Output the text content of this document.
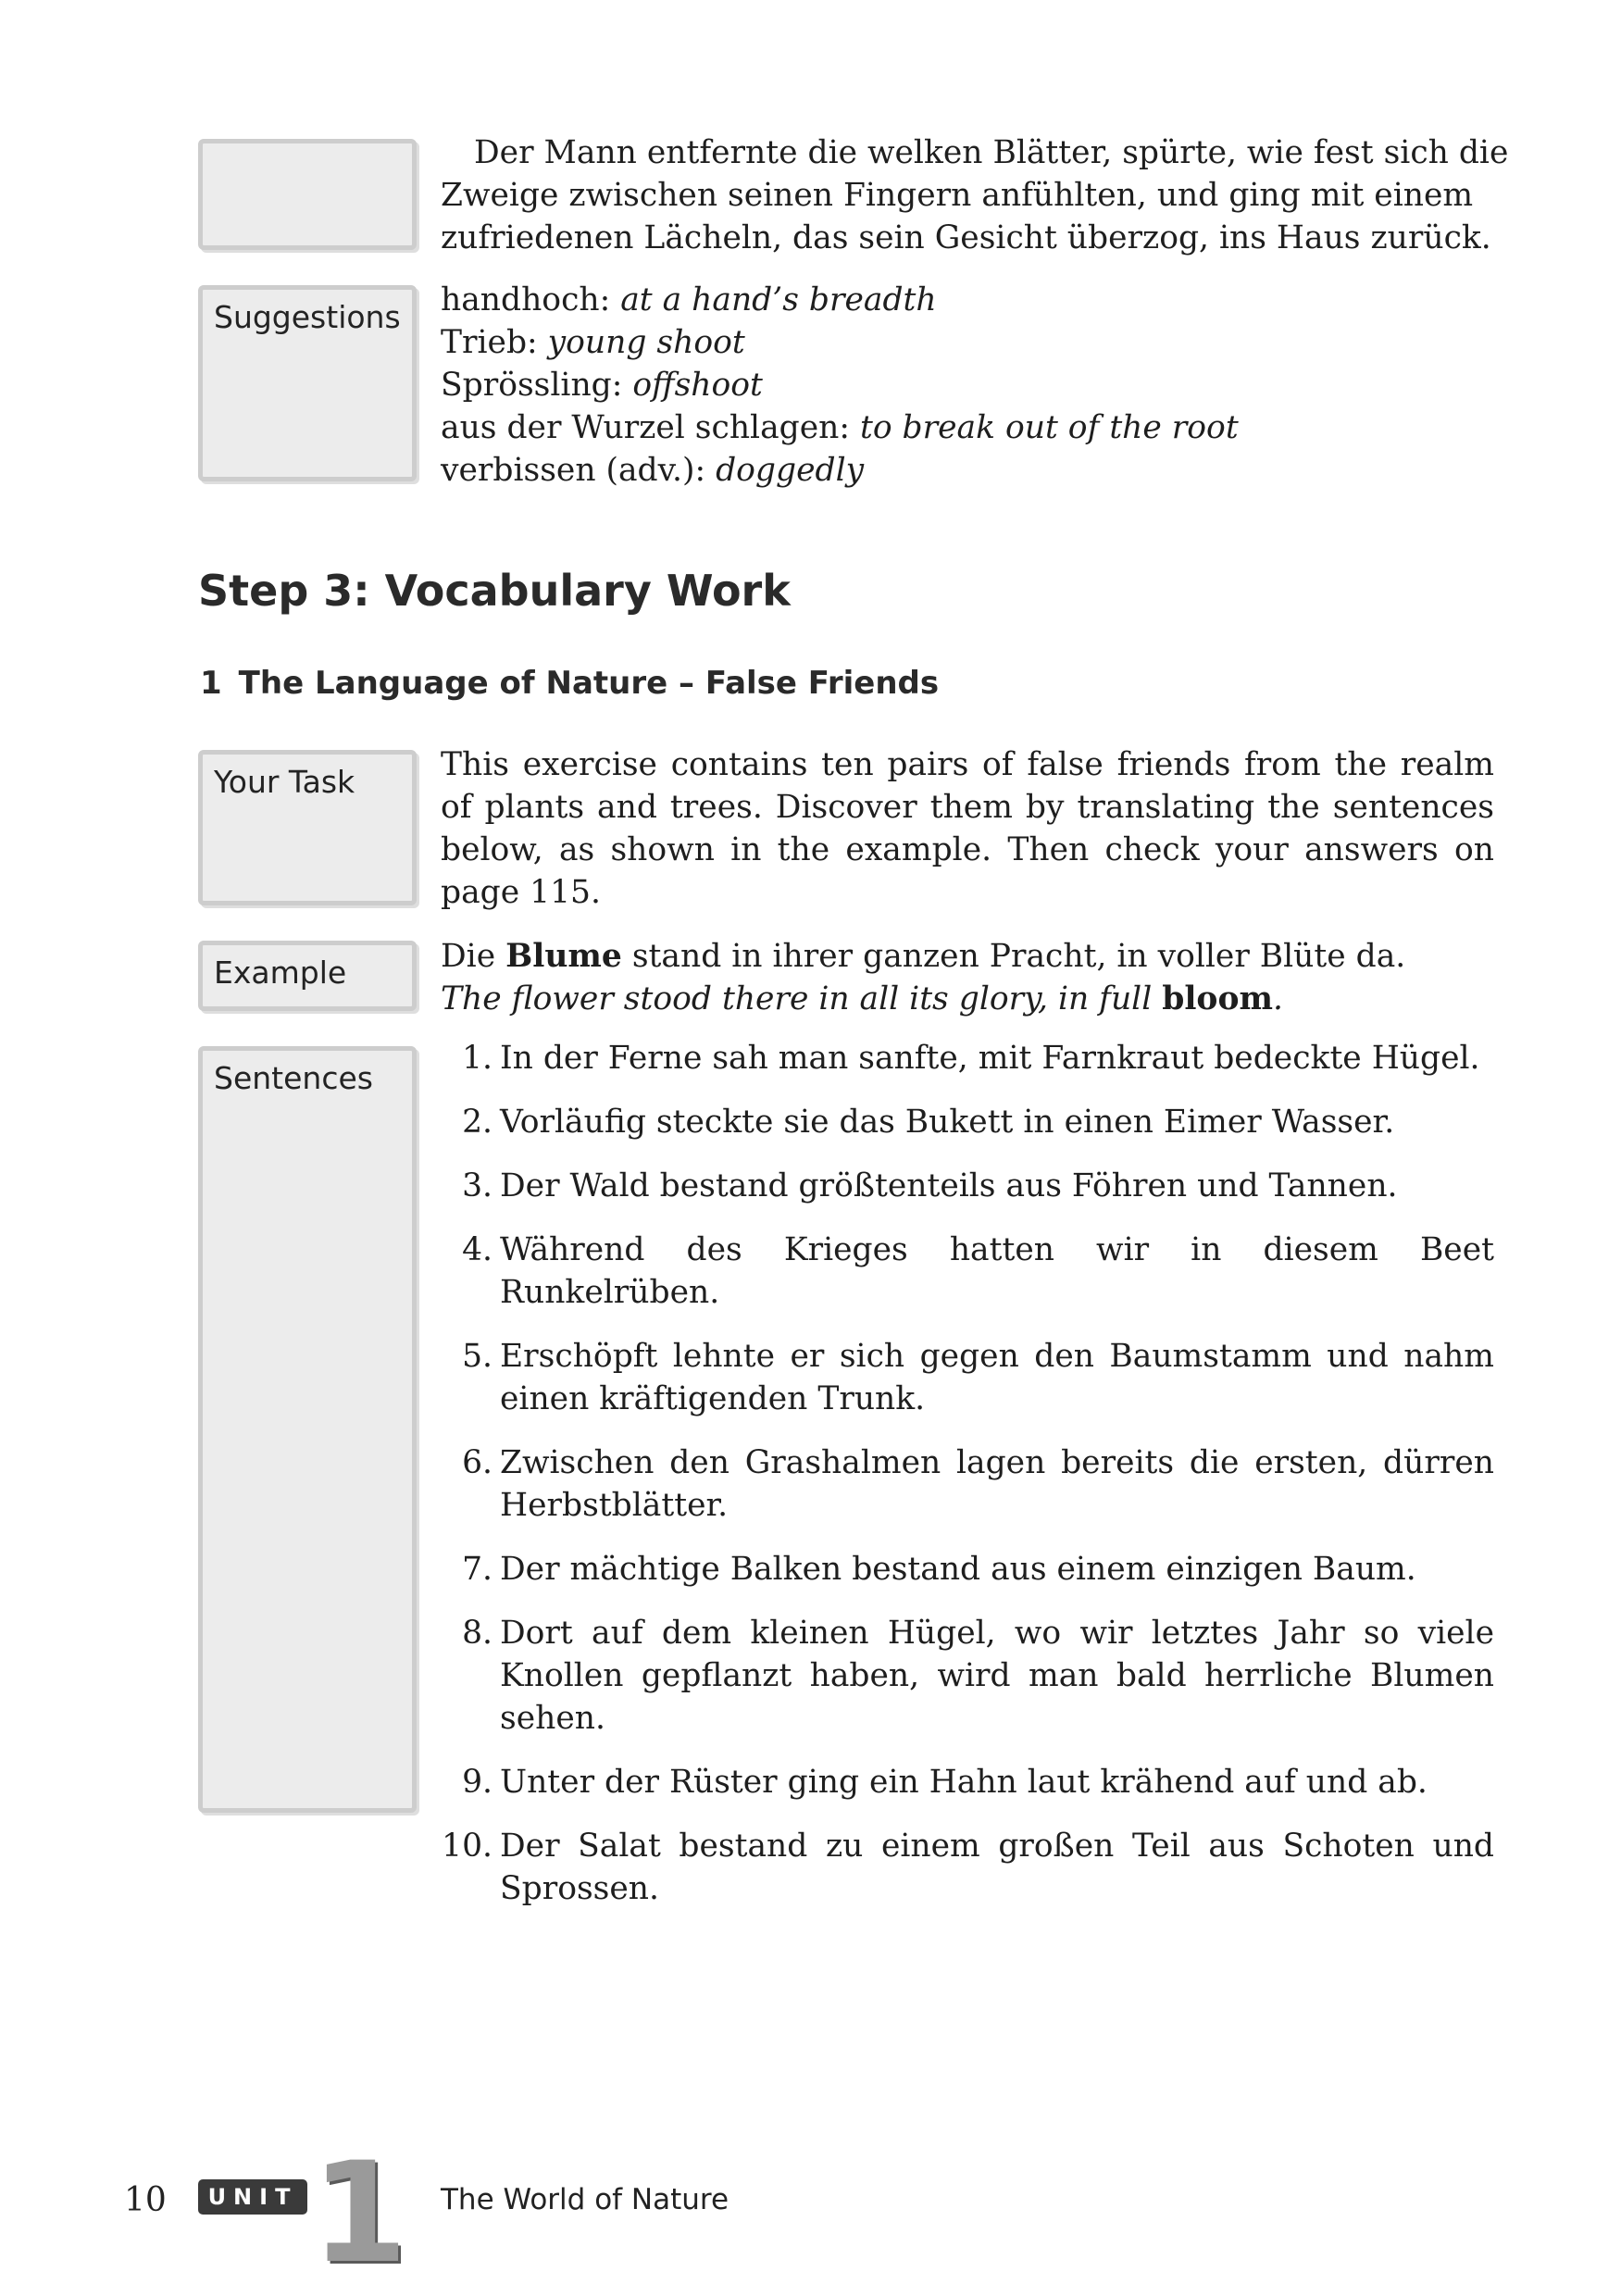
Der Mann entfernte die welken Blätter, spürte, wie fest sich die
Zweige zwischen seinen Fingern anfühlten, und ging mit einem
zufriedenen Lächeln, das sein Gesicht überzog, ins Haus zurück.
Suggestions handhoch: at a hand’s breadth
Trieb: young shoot
Sprössling: offshoot
aus der Wurzel schlagen: to break out of the root
verbissen (adv.): doggedly
Step 3: Vocabulary Work
1 The Language of Nature – False Friends
Your Task	This exercise contains ten pairs of false friends from the realm of plants and trees. Discover them by translating the sentences below, as shown in the example. Then check your answers on page 115.
Example	Die Blume stand in ihrer ganzen Pracht, in voller Blüte da.
The flower stood there in all its glory, in full bloom.
Sentences
1. In der Ferne sah man sanfte, mit Farnkraut bedeckte Hügel.
2. Vorläufig steckte sie das Bukett in einen Eimer Wasser.
3. Der Wald bestand größtenteils aus Föhren und Tannen.
4. Während des Krieges hatten wir in diesem Beet Runkelrüben.
5. Erschöpft lehnte er sich gegen den Baumstamm und nahm einen kräftigenden Trunk.
6. Zwischen den Grashalmen lagen bereits die ersten, dürren Herbstblätter.
7. Der mächtige Balken bestand aus einem einzigen Baum.
8. Dort auf dem kleinen Hügel, wo wir letztes Jahr so viele Knollen gepflanzt haben, wird man bald herrliche Blumen sehen.
9. Unter der Rüster ging ein Hahn laut krähend auf und ab.
10. Der Salat bestand zu einem großen Teil aus Schoten und Sprossen.
10	UNIT 1 The World of Nature
